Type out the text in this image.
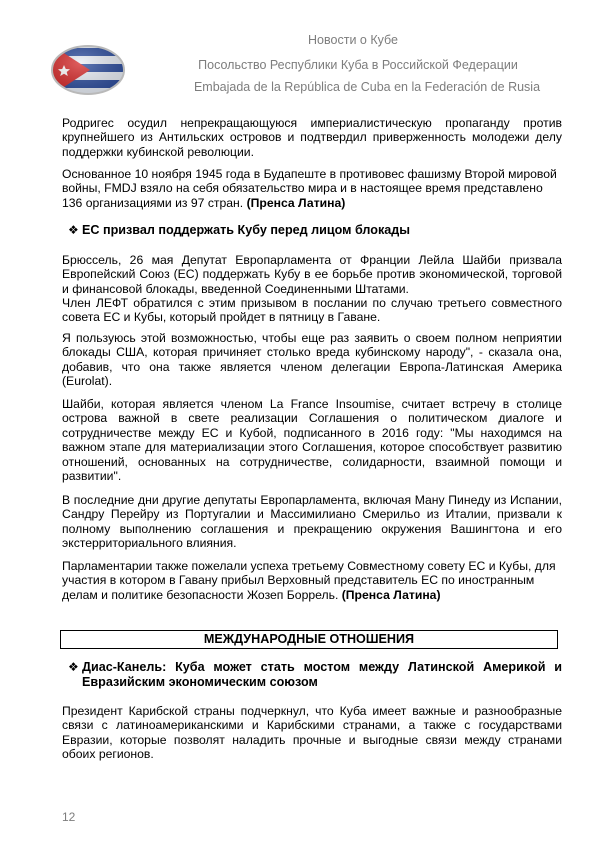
Новости о Кубе
Посольство Республики Куба в Российской Федерации
Embajada de la República de Cuba en la Federación de Rusia

Родригес осудил непрекращающуюся империалистическую пропаганду против крупнейшего из Антильских островов и подтвердил приверженность молодежи делу поддержки кубинской революции.

Основанное 10 ноября 1945 года в Будапеште в противовес фашизму Второй мировой войны, FMDJ взяло на себя обязательство мира и в настоящее время представлено 136 организациями из 97 стран. (Пренса Латина)

❖ ЕС призвал поддержать Кубу перед лицом блокады

Брюссель, 26 мая Депутат Европарламента от Франции Лейла Шайби призвала Европейский Союз (ЕС) поддержать Кубу в ее борьбе против экономической, торговой и финансовой блокады, введенной Соединенными Штатами.

Член ЛЕФТ обратился с этим призывом в послании по случаю третьего совместного совета ЕС и Кубы, который пройдет в пятницу в Гаване.

Я пользуюсь этой возможностью, чтобы еще раз заявить о своем полном неприятии блокады США, которая причиняет столько вреда кубинскому народу", - сказала она, добавив, что она также является членом делегации Европа-Латинская Америка (Eurolat).

Шайби, которая является членом La France Insoumise, считает встречу в столице острова важной в свете реализации Соглашения о политическом диалоге и сотрудничестве между ЕС и Кубой, подписанного в 2016 году: "Мы находимся на важном этапе для материализации этого Соглашения, которое способствует развитию отношений, основанных на сотрудничестве, солидарности, взаимной помощи и развитии".

В последние дни другие депутаты Европарламента, включая Ману Пинеду из Испании, Сандру Перейру из Португалии и Массимилиано Смерильо из Италии, призвали к полному выполнению соглашения и прекращению окружения Вашингтона и его экстерриториального влияния.

Парламентарии также пожелали успеха третьему Совместному совету ЕС и Кубы, для участия в котором в Гавану прибыл Верховный представитель ЕС по иностранным делам и политике безопасности Жозеп Боррель. (Пренса Латина)

МЕЖДУНАРОДНЫЕ ОТНОШЕНИЯ
❖ Диас-Канель: Куба может стать мостом между Латинской Америкой и Евразийским экономическим союзом

Президент Карибской страны подчеркнул, что Куба имеет важные и разнообразные связи с латиноамериканскими и Карибскими странами, а также с государствами Евразии, которые позволят наладить прочные и выгодные связи между странами обоих регионов.

12
